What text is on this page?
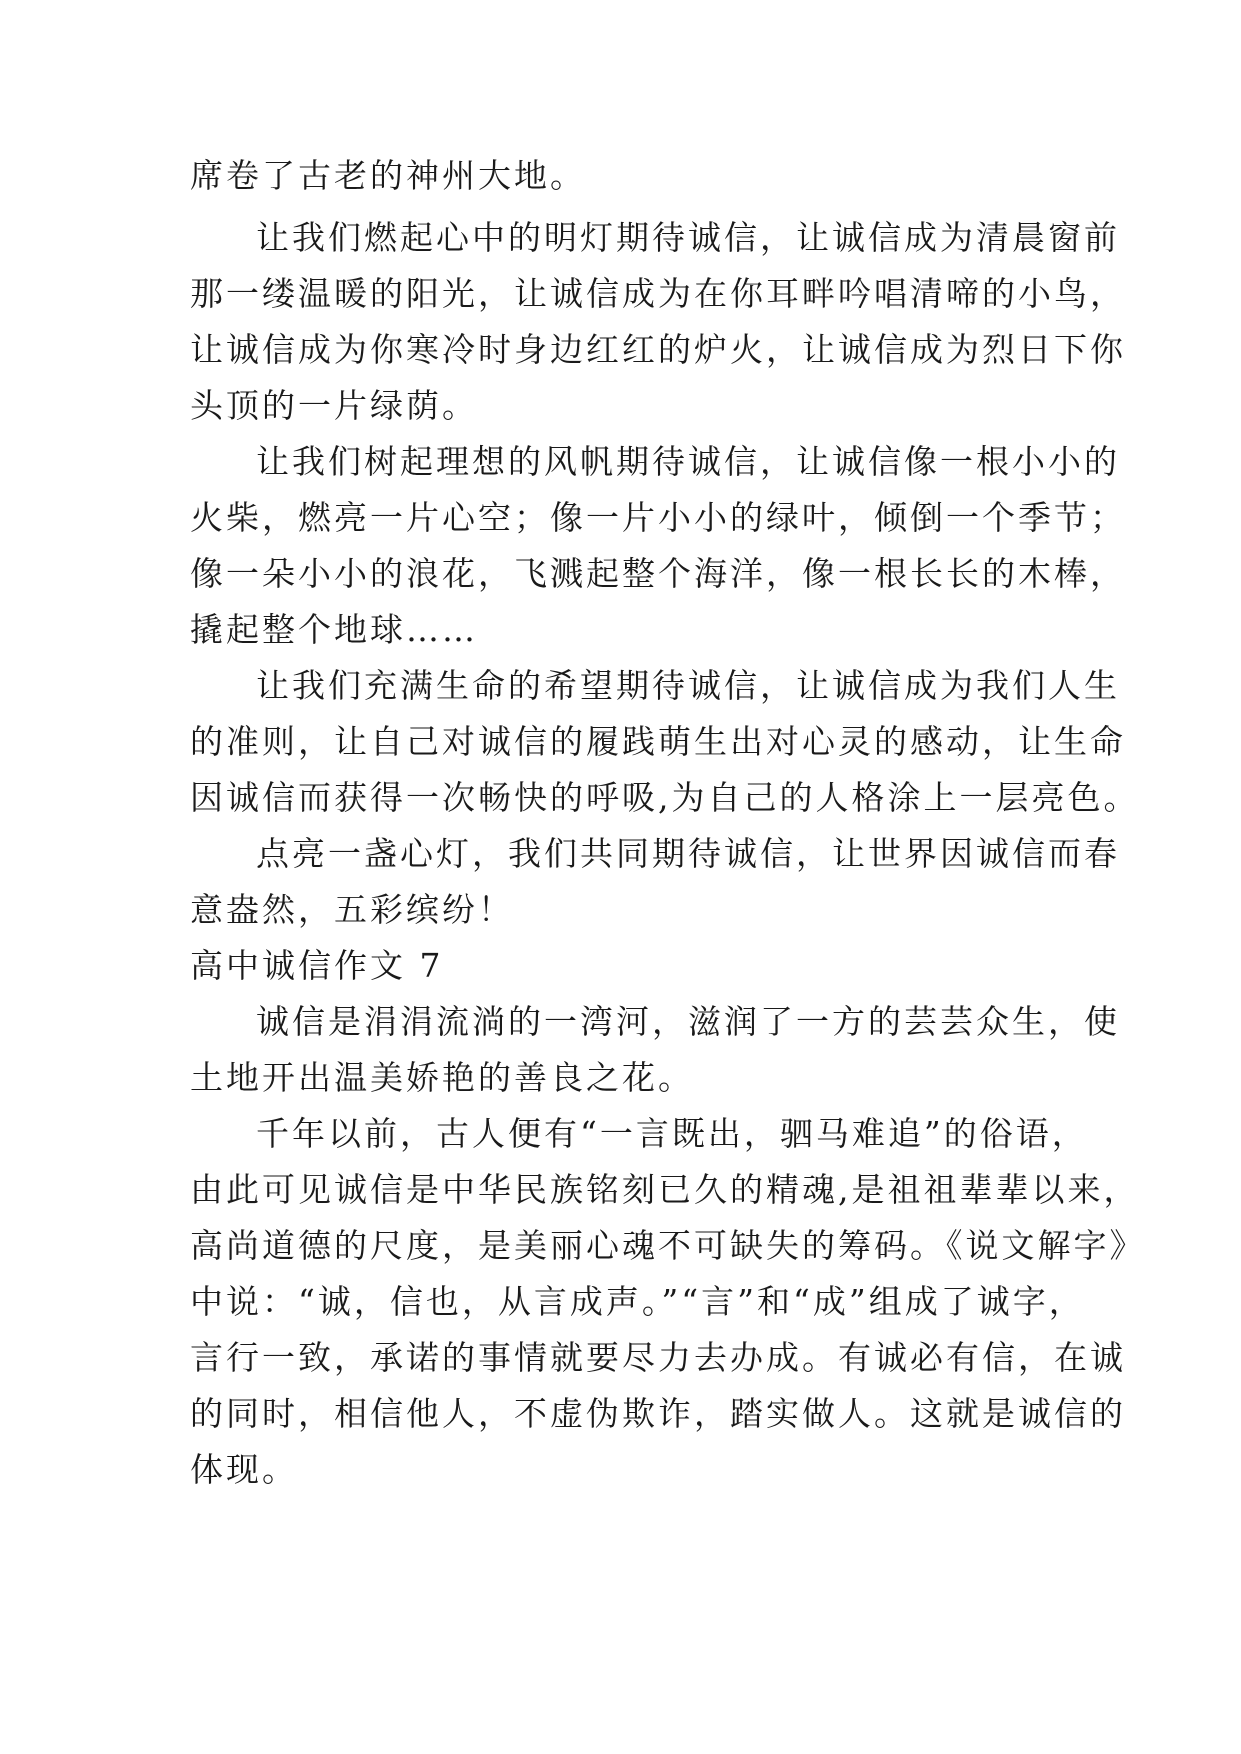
席卷了古老的神州大地。
让我们燃起心中的明灯期待诚信，让诚信成为清晨窗前
那一缕温暖的阳光，让诚信成为在你耳畔吟唱清啼的小鸟，
让诚信成为你寒冷时身边红红的炉火，让诚信成为烈日下你
头顶的一片绿荫。
让我们树起理想的风帆期待诚信，让诚信像一根小小的
火柴，燃亮一片心空；像一片小小的绿叶，倾倒一个季节；
像一朵小小的浪花，飞溅起整个海洋，像一根长长的木棒，
撬起整个地球……
让我们充满生命的希望期待诚信，让诚信成为我们人生
的准则，让自己对诚信的履践萌生出对心灵的感动，让生命
因诚信而获得一次畅快的呼吸,为自己的人格涂上一层亮色。
点亮一盏心灯，我们共同期待诚信，让世界因诚信而春
意盎然，五彩缤纷！
高中诚信作文 7
诚信是涓涓流淌的一湾河，滋润了一方的芸芸众生，使
土地开出温美娇艳的善良之花。
千年以前，古人便有“一言既出，驷马难追”的俗语，
由此可见诚信是中华民族铭刻已久的精魂,是祖祖辈辈以来，
高尚道德的尺度，是美丽心魂不可缺失的筹码。《说文解字》
中说：“诚，信也，从言成声。”“言”和“成”组成了诚字，
言行一致，承诺的事情就要尽力去办成。有诚必有信，在诚
的同时，相信他人，不虚伪欺诈，踏实做人。这就是诚信的
体现。
